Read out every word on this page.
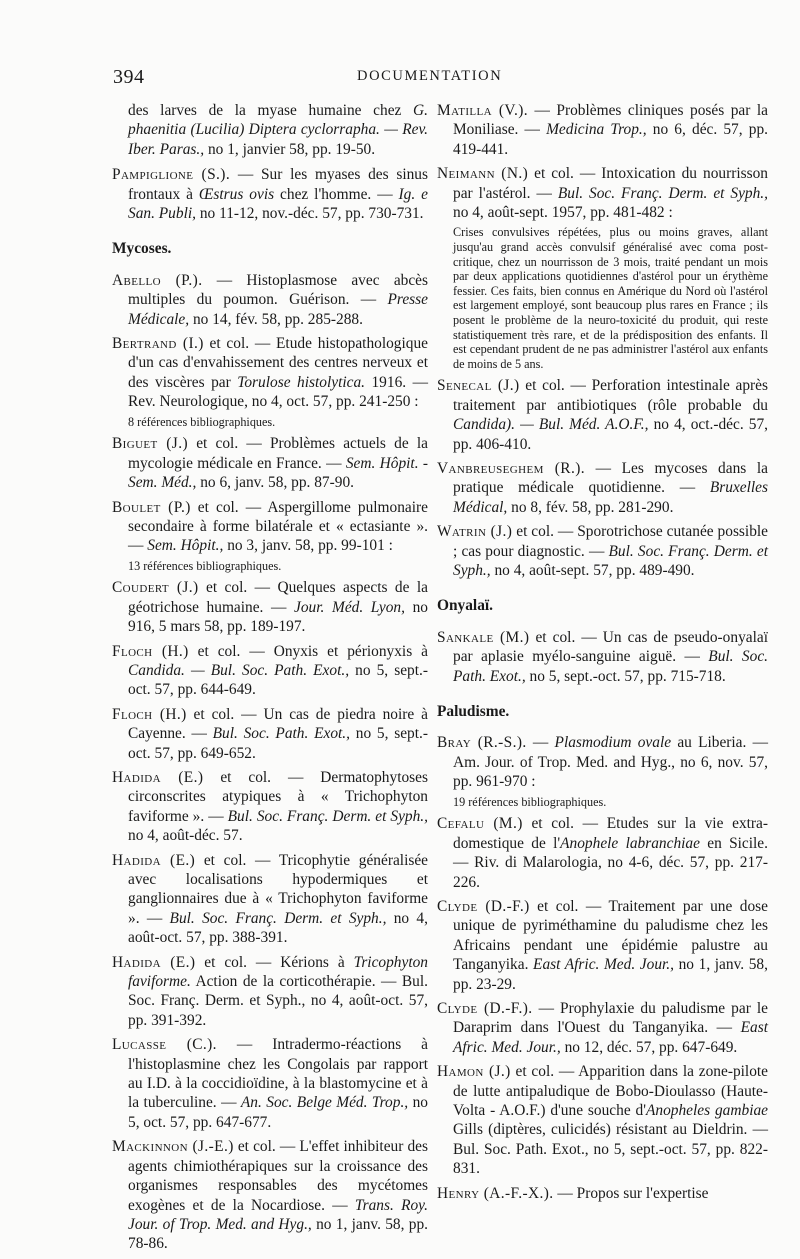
394	DOCUMENTATION

des larves de la myase humaine chez G. phaenitia (Lucilia) Diptera cyclorrapha. — Rev. Iber. Paras., no 1, janvier 58, pp. 19-50.

Pampiglione (S.). — Sur les myases des sinus frontaux à Œstrus ovis chez l'homme. — Ig. e San. Publi, no 11-12, nov.-déc. 57, pp. 730-731.

Mycoses.

Abello (P.). — Histoplasmose avec abcès multiples du poumon. Guérison. — Presse Médicale, no 14, fév. 58, pp. 285-288.

Bertrand (I.) et col. — Etude histopathologique d'un cas d'envahissement des centres nerveux et des viscères par Torulose histolytica. 1916. — Rev. Neurologique, no 4, oct. 57, pp. 241-250 :

8 références bibliographiques.

Biguet (J.) et col. — Problèmes actuels de la mycologie médicale en France. — Sem. Hôpit. - Sem. Méd., no 6, janv. 58, pp. 87-90.

Boulet (P.) et col. — Aspergillome pulmonaire secondaire à forme bilatérale et « ectasiante ». — Sem. Hôpit., no 3, janv. 58, pp. 99-101 :

13 références bibliographiques.

Coudert (J.) et col. — Quelques aspects de la géotrichose humaine. — Jour. Méd. Lyon, no 916, 5 mars 58, pp. 189-197.

Floch (H.) et col. — Onyxis et périonyxis à Candida. — Bul. Soc. Path. Exot., no 5, sept.-oct. 57, pp. 644-649.

Floch (H.) et col. — Un cas de piedra noire à Cayenne. — Bul. Soc. Path. Exot., no 5, sept.-oct. 57, pp. 649-652.

Hadida (E.) et col. — Dermatophytoses circonscrites atypiques à « Trichophyton faviforme ». — Bul. Soc. Franç. Derm. et Syph., no 4, août-déc. 57.

Hadida (E.) et col. — Tricophytie généralisée avec localisations hypodermiques et ganglionnaires due à « Trichophyton faviforme ». — Bul. Soc. Franç. Derm. et Syph., no 4, août-oct. 57, pp. 388-391.

Hadida (E.) et col. — Kérions à Tricophyton faviforme. Action de la corticothérapie. — Bul. Soc. Franç. Derm. et Syph., no 4, août-oct. 57, pp. 391-392.

Lucasse (C.). — Intradermo-réactions à l'histoplasmine chez les Congolais par rapport au I.D. à la coccidioïdine, à la blastomycine et à la tuberculine. — An. Soc. Belge Méd. Trop., no 5, oct. 57, pp. 647-677.

Mackinnon (J.-E.) et col. — L'effet inhibiteur des agents chimiothérapiques sur la croissance des organismes responsables des mycétomes exogènes et de la Nocardiose. — Trans. Roy. Jour. of Trop. Med. and Hyg., no 1, janv. 58, pp. 78-86.

Matilla (V.). — Problèmes cliniques posés par la Moniliase. — Medicina Trop., no 6, déc. 57, pp. 419-441.

Neimann (N.) et col. — Intoxication du nourrisson par l'astérol. — Bul. Soc. Franç. Derm. et Syph., no 4, août-sept. 1957, pp. 481-482 :

Crises convulsives répétées, plus ou moins graves, allant jusqu'au grand accès convulsif généralisé avec coma post-critique, chez un nourrisson de 3 mois, traité pendant un mois par deux applications quotidiennes d'astérol pour un érythème fessier. Ces faits, bien connus en Amérique du Nord où l'astérol est largement employé, sont beaucoup plus rares en France ; ils posent le problème de la neuro-toxicité du produit, qui reste statistiquement très rare, et de la prédisposition des enfants. Il est cependant prudent de ne pas administrer l'astérol aux enfants de moins de 5 ans.

Senecal (J.) et col. — Perforation intestinale après traitement par antibiotiques (rôle probable du Candida). — Bul. Méd. A.O.F., no 4, oct.-déc. 57, pp. 406-410.

Vanbreuseghem (R.). — Les mycoses dans la pratique médicale quotidienne. — Bruxelles Médical, no 8, fév. 58, pp. 281-290.

Watrin (J.) et col. — Sporotrichose cutanée possible ; cas pour diagnostic. — Bul. Soc. Franç. Derm. et Syph., no 4, août-sept. 57, pp. 489-490.

Onyalaï.

Sankale (M.) et col. — Un cas de pseudo-onyalaï par aplasie myélo-sanguine aiguë. — Bul. Soc. Path. Exot., no 5, sept.-oct. 57, pp. 715-718.

Paludisme.

Bray (R.-S.). — Plasmodium ovale au Liberia. — Am. Jour. of Trop. Med. and Hyg., no 6, nov. 57, pp. 961-970 :

19 références bibliographiques.

Cefalu (M.) et col. — Etudes sur la vie extra-domestique de l'Anophele labranchiae en Sicile. — Riv. di Malarologia, no 4-6, déc. 57, pp. 217-226.

Clyde (D.-F.) et col. — Traitement par une dose unique de pyriméthamine du paludisme chez les Africains pendant une épidémie palustre au Tanganyika. East Afric. Med. Jour., no 1, janv. 58, pp. 23-29.

Clyde (D.-F.). — Prophylaxie du paludisme par le Daraprim dans l'Ouest du Tanganyika. — East Afric. Med. Jour., no 12, déc. 57, pp. 647-649.

Hamon (J.) et col. — Apparition dans la zone-pilote de lutte antipaludique de Bobo-Dioulasso (Haute-Volta - A.O.F.) d'une souche d'Anopheles gambiae Gills (diptères, culicidés) résistant au Dieldrin. — Bul. Soc. Path. Exot., no 5, sept.-oct. 57, pp. 822-831.

Henry (A.-F.-X.). — Propos sur l'expertise
